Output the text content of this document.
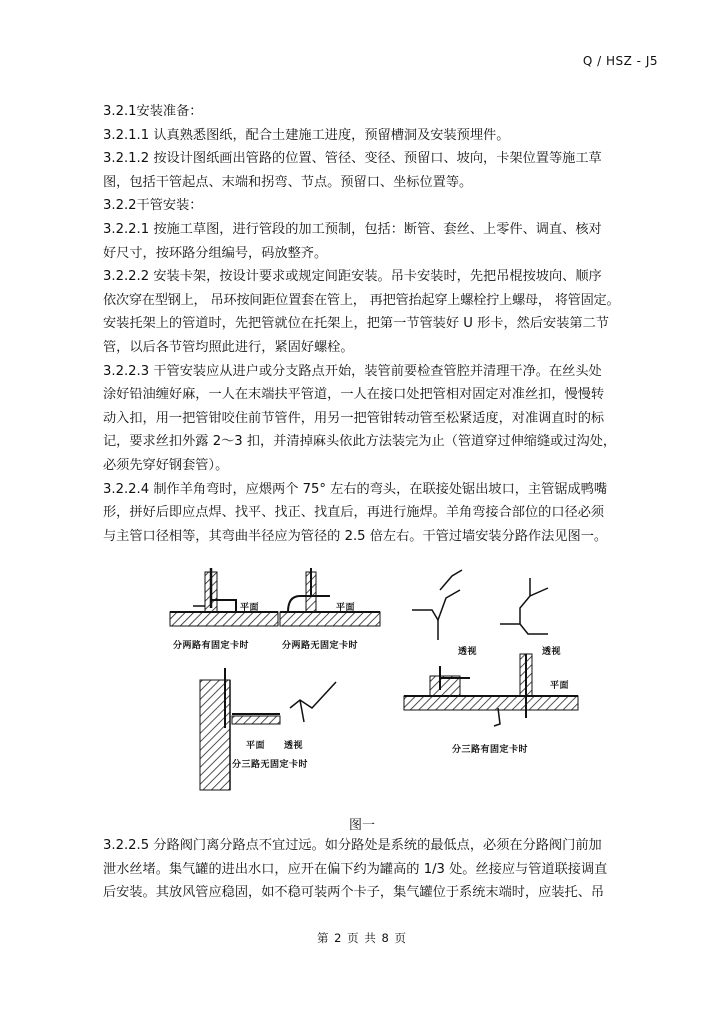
Q / HSZ - J5
3.2.1安装准备：
3.2.1.1 认真熟悉图纸，配合土建施工进度，预留槽洞及安装预埋件。
3.2.1.2 按设计图纸画出管路的位置、管径、变径、预留口、坡向，卡架位置等施工草
图，包括干管起点、末端和拐弯、节点。预留口、坐标位置等。
3.2.2干管安装：
3.2.2.1 按施工草图，进行管段的加工预制，包括：断管、套丝、上零件、调直、核对
好尺寸，按环路分组编号，码放整齐。
3.2.2.2 安装卡架，按设计要求或规定间距安装。吊卡安装时，先把吊棍按坡向、顺序
依次穿在型钢上， 吊环按间距位置套在管上， 再把管抬起穿上螺栓拧上螺母， 将管固定。
安装托架上的管道时，先把管就位在托架上，把第一节管装好 U 形卡，然后安装第二节
管，以后各节管均照此进行，紧固好螺栓。
3.2.2.3 干管安装应从进户或分支路点开始，装管前要检查管腔并清理干净。在丝头处
涂好铅油缠好麻，一人在末端扶平管道，一人在接口处把管相对固定对准丝扣，慢慢转
动入扣，用一把管钳咬住前节管件，用另一把管钳转动管至松紧适度，对准调直时的标
记，要求丝扣外露 2～3 扣，并清掉麻头依此方法装完为止（管道穿过伸缩缝或过沟处，
必须先穿好钢套管）。
3.2.2.4 制作羊角弯时，应煨两个 75° 左右的弯头，在联接处锯出坡口，主管锯成鸭嘴
形，拼好后即应点焊、找平、找正、找直后，再进行施焊。羊角弯接合部位的口径必须
与主管口径相等，其弯曲半径应为管径的 2.5 倍左右。干管过墙安装分路作法见图一。
平面	平面
分两路有固定卡时	分两路无固定卡时
透视	透视
平面 透视
分三路无固定卡时
平面
分三路有固定卡时
图一
3.2.2.5 分路阀门离分路点不宜过远。如分路处是系统的最低点，必须在分路阀门前加
泄水丝堵。集气罐的进出水口，应开在偏下约为罐高的 1/3 处。丝接应与管道联接调直
后安装。其放风管应稳固，如不稳可装两个卡子，集气罐位于系统末端时，应装托、吊
第 2 页 共 8 页
